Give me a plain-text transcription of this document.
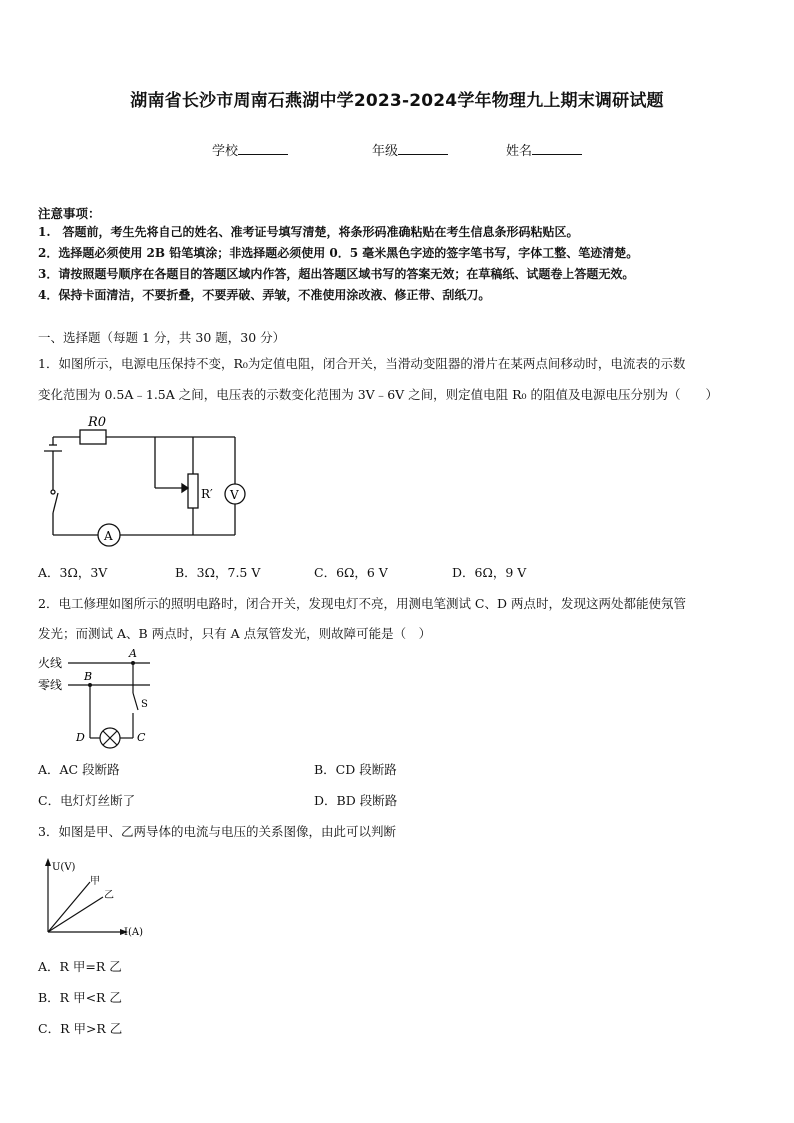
湖南省长沙市周南石燕湖中学2023-2024学年物理九上期末调研试题
学校	年级	姓名
注意事项：
1.　答题前，考生先将自己的姓名、准考证号填写清楚，将条形码准确粘贴在考生信息条形码粘贴区。
2．选择题必须使用 2B 铅笔填涂；非选择题必须使用 0．5 毫米黑色字迹的签字笔书写，字体工整、笔迹清楚。
3．请按照题号顺序在各题目的答题区域内作答，超出答题区域书写的答案无效；在草稿纸、试题卷上答题无效。
4．保持卡面清洁，不要折叠，不要弄破、弄皱，不准使用涂改液、修正带、刮纸刀。
一、选择题（每题 1 分，共 30 题，30 分）
1．如图所示，电源电压保持不变，R₀为定值电阻，闭合开关，当滑动变阻器的滑片在某两点间移动时，电流表的示数
变化范围为 0.5A﹣1.5A 之间，电压表的示数变化范围为 3V﹣6V 之间，则定值电阻 R₀ 的阻值及电源电压分别为（　　）
R0
R′ V
A
A．3Ω，3V	B．3Ω，7.5 V	C．6Ω，6 V	D．6Ω，9 V
2．电工修理如图所示的照明电路时，闭合开关，发现电灯不亮，用测电笔测试 C、D 两点时，发现这两处都能使氖管
发光；而测试 A、B 两点时，只有 A 点氖管发光，则故障可能是（　）
火线
零线
A
B
C
D
S
A．AC 段断路	B．CD 段断路
C．电灯灯丝断了	D．BD 段断路
3．如图是甲、乙两导体的电流与电压的关系图像，由此可以判断
U(V)
I(A)
甲
乙
A．R 甲=R 乙
B．R 甲<R 乙
C．R 甲>R 乙
